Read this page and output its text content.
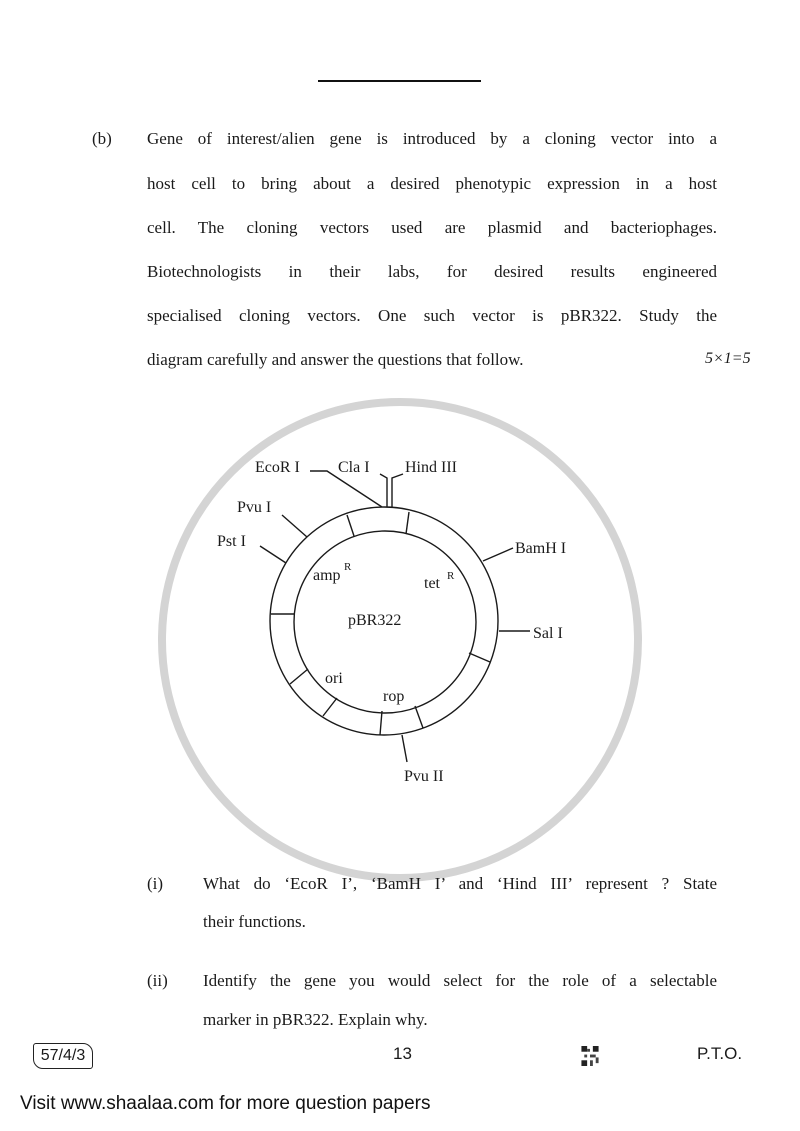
(b) Gene of interest/alien gene is introduced by a cloning vector into a
host cell to bring about a desired phenotypic expression in a host
cell. The cloning vectors used are plasmid and bacteriophages.
Biotechnologists in their labs, for desired results engineered
specialised cloning vectors. One such vector is pBR322. Study the
diagram carefully and answer the questions that follow.	5×1=5
EcoR I Cla I Hind III
Pvu I
Pst I	BamH I
Sal I
Pvu II
pBR322
amp R
tet R
ori
rop
(i) What do ‘EcoR I’, ‘BamH I’ and ‘Hind III’ represent ? State
their functions.
(ii) Identify the gene you would select for the role of a selectable
marker in pBR322. Explain why.
57/4/3	13	P.T.O.
Visit www.shaalaa.com for more question papers
